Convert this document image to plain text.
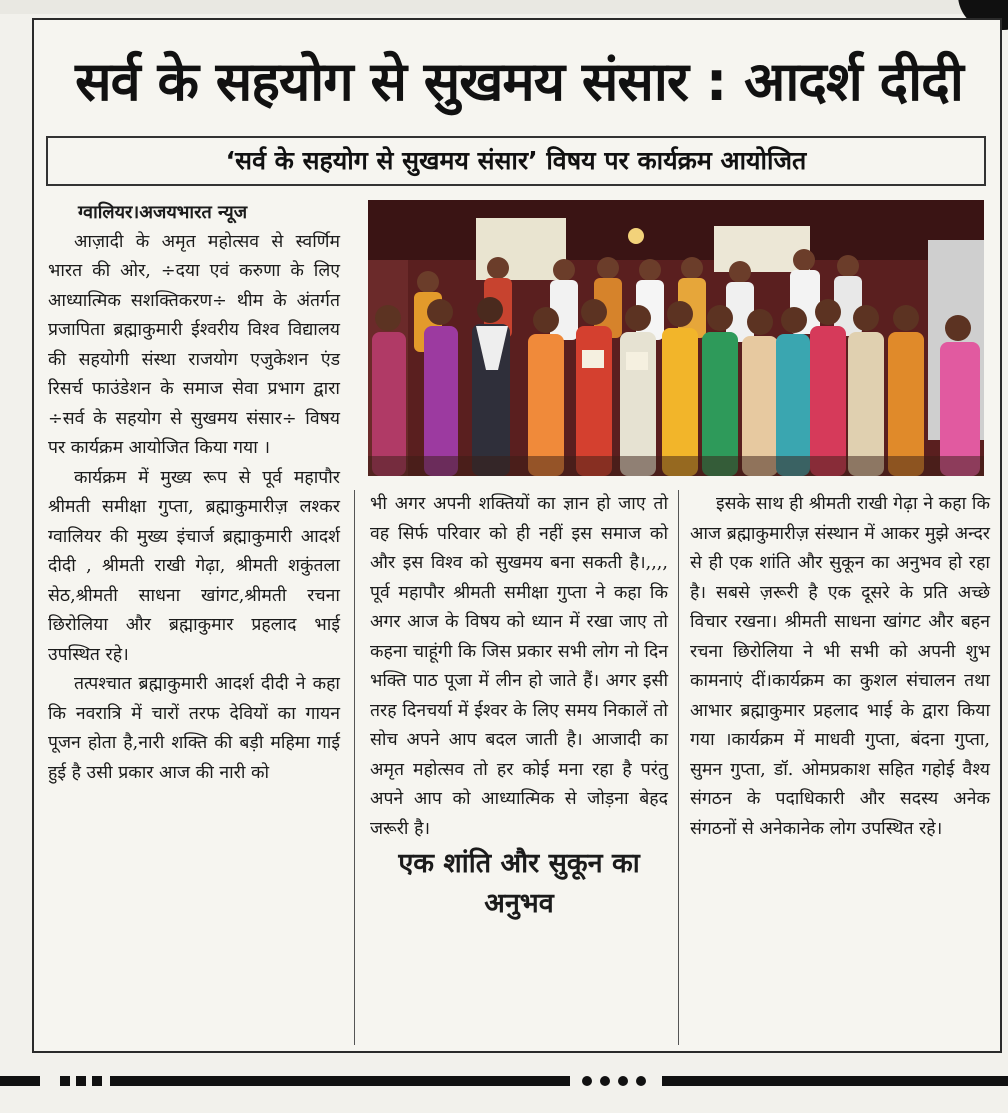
सर्व के सहयोग से सुखमय संसार : आदर्श दीदी
‘सर्व के सहयोग से सुखमय संसार’ विषय पर कार्यक्रम आयोजित

ग्वालियर।अजयभारत न्यूज

आज़ादी के अमृत महोत्सव से स्वर्णिम भारत की ओर, ÷दया एवं करुणा के लिए आध्यात्मिक सशक्तिकरण÷ थीम के अंतर्गत प्रजापिता ब्रह्माकुमारी ईश्वरीय विश्व विद्यालय की सहयोगी संस्था राजयोग एजुकेशन एंड रिसर्च फाउंडेशन के समाज सेवा प्रभाग द्वारा ÷सर्व के सहयोग से सुखमय संसार÷ विषय पर कार्यक्रम आयोजित किया गया ।

कार्यक्रम में मुख्य रूप से पूर्व महापौर श्रीमती समीक्षा गुप्ता, ब्रह्माकुमारीज़ लश्कर ग्वालियर की मुख्य इंचार्ज ब्रह्माकुमारी आदर्श दीदी , श्रीमती राखी गेढ़ा, श्रीमती शकुंतला सेठ,श्रीमती साधना खांगट,श्रीमती रचना छिरोलिया और ब्रह्माकुमार प्रहलाद भाई उपस्थित रहे।

तत्पश्चात ब्रह्माकुमारी आदर्श दीदी ने कहा कि नवरात्रि में चारों तरफ देवियों का गायन पूजन होता है,नारी शक्ति की बड़ी महिमा गाई हुई है उसी प्रकार आज की नारी को

भी अगर अपनी शक्तियों का ज्ञान हो जाए तो वह सिर्फ परिवार को ही नहीं इस समाज को और इस विश्व को सुखमय बना सकती है।,,,, पूर्व महापौर श्रीमती समीक्षा गुप्ता ने कहा कि अगर आज के विषय को ध्यान में रखा जाए तो कहना चाहूंगी कि जिस प्रकार सभी लोग नो दिन भक्ति पाठ पूजा में लीन हो जाते हैं। अगर इसी तरह दिनचर्या में ईश्वर के लिए समय निकालें तो सोच अपने आप बदल जाती है। आजादी का अमृत महोत्सव तो हर कोई मना रहा है परंतु अपने आप को आध्यात्मिक से जोड़ना बेहद जरूरी है।

एक शांति और सुकून का अनुभव

इसके साथ ही श्रीमती राखी गेढ़ा ने कहा कि आज ब्रह्माकुमारीज़ संस्थान में आकर मुझे अन्दर से ही एक शांति और सुकून का अनुभव हो रहा है। सबसे ज़रूरी है एक दूसरे के प्रति अच्छे विचार रखना। श्रीमती साधना खांगट और बहन रचना छिरोलिया ने भी सभी को अपनी शुभ कामनाएं दीं।कार्यक्रम का कुशल संचालन तथा आभार ब्रह्माकुमार प्रहलाद भाई के द्वारा किया गया ।कार्यक्रम में माधवी गुप्ता, बंदना गुप्ता, सुमन गुप्ता, डॉ. ओमप्रकाश सहित गहोई वैश्य संगठन के पदाधिकारी और सदस्य अनेक संगठनों से अनेकानेक लोग उपस्थित रहे।
